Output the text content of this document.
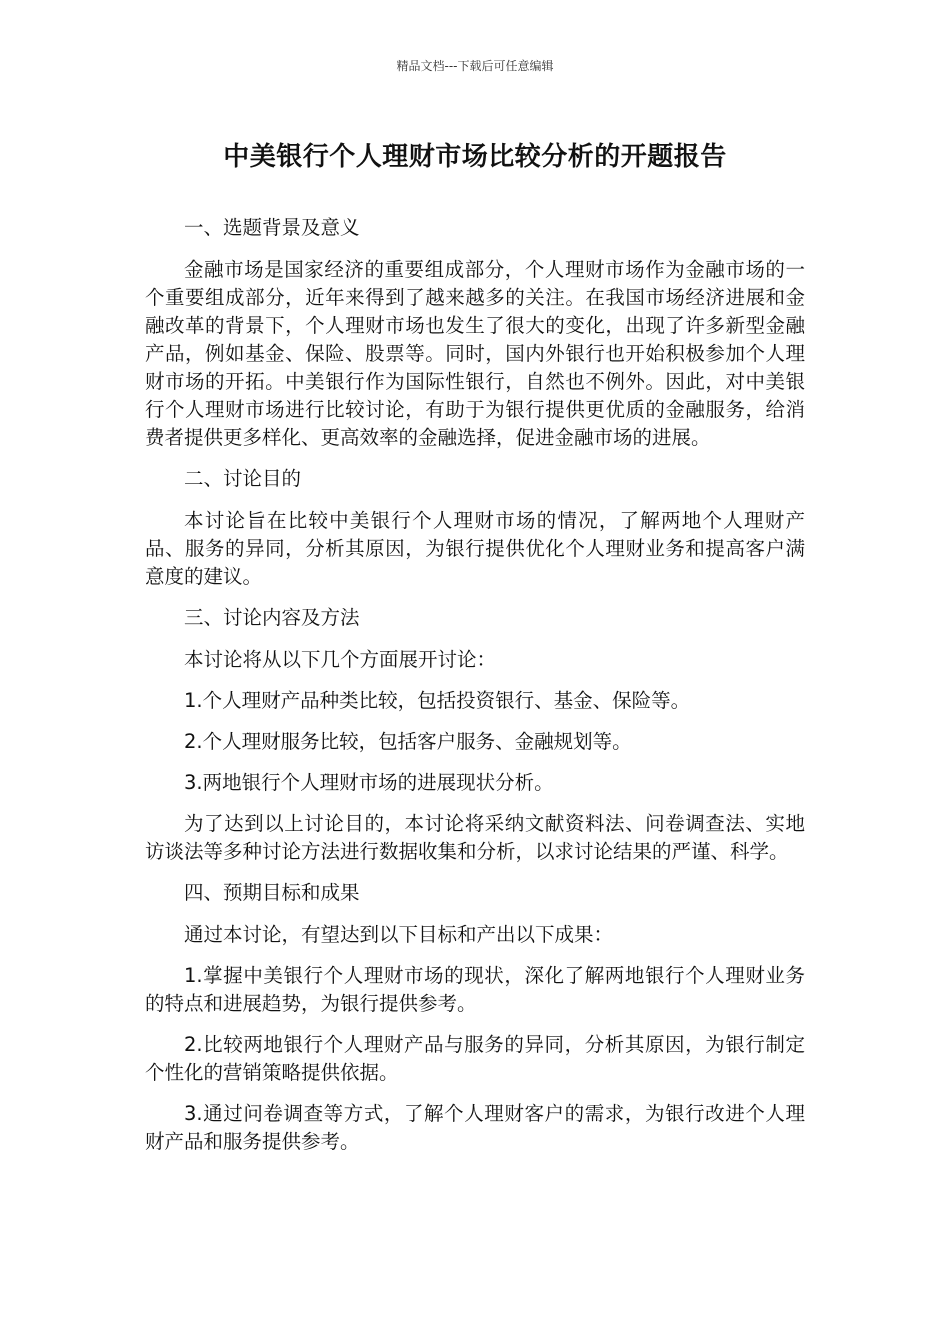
精品文档---下载后可任意编辑
中美银行个人理财市场比较分析的开题报告

一、选题背景及意义

金融市场是国家经济的重要组成部分，个人理财市场作为金融市场的一个重要组成部分，近年来得到了越来越多的关注。在我国市场经济进展和金融改革的背景下，个人理财市场也发生了很大的变化，出现了许多新型金融产品，例如基金、保险、股票等。同时，国内外银行也开始积极参加个人理财市场的开拓。中美银行作为国际性银行，自然也不例外。因此，对中美银行个人理财市场进行比较讨论，有助于为银行提供更优质的金融服务，给消费者提供更多样化、更高效率的金融选择，促进金融市场的进展。

二、讨论目的

本讨论旨在比较中美银行个人理财市场的情况，了解两地个人理财产品、服务的异同，分析其原因，为银行提供优化个人理财业务和提高客户满意度的建议。

三、讨论内容及方法

本讨论将从以下几个方面展开讨论：

1.个人理财产品种类比较，包括投资银行、基金、保险等。

2.个人理财服务比较，包括客户服务、金融规划等。

3.两地银行个人理财市场的进展现状分析。

为了达到以上讨论目的，本讨论将采纳文献资料法、问卷调查法、实地访谈法等多种讨论方法进行数据收集和分析，以求讨论结果的严谨、科学。

四、预期目标和成果

通过本讨论，有望达到以下目标和产出以下成果：

1.掌握中美银行个人理财市场的现状，深化了解两地银行个人理财业务的特点和进展趋势，为银行提供参考。

2.比较两地银行个人理财产品与服务的异同，分析其原因，为银行制定个性化的营销策略提供依据。

3.通过问卷调查等方式，了解个人理财客户的需求，为银行改进个人理财产品和服务提供参考。
